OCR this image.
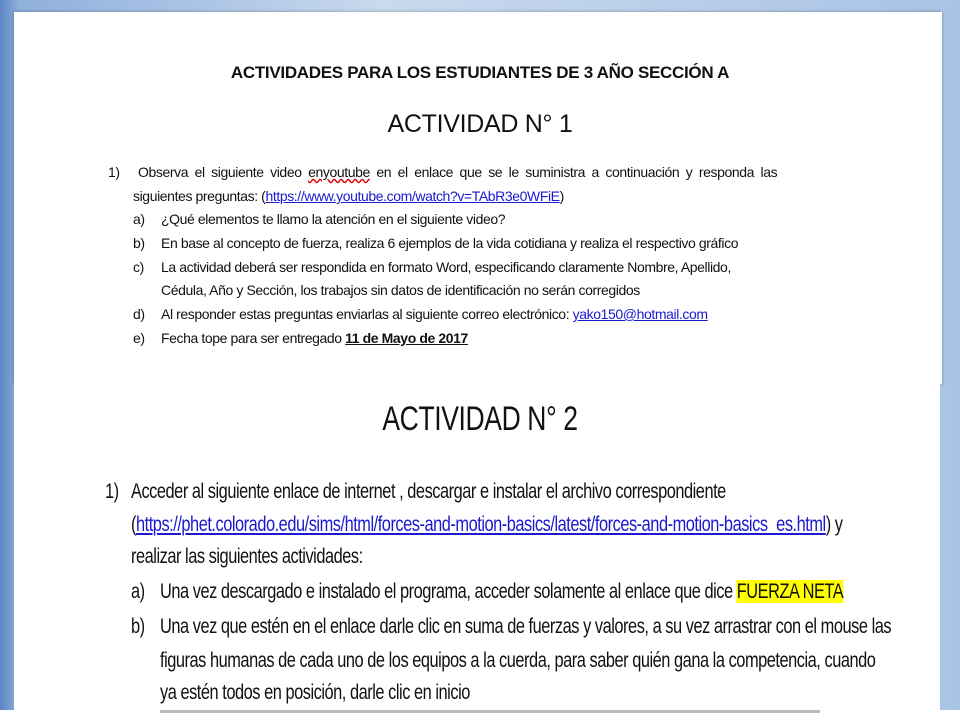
ACTIVIDADES PARA LOS ESTUDIANTES DE 3 AÑO SECCIÓN A
ACTIVIDAD N° 1
1) Observa el siguiente video enyoutube en el enlace que se le suministra a continuación y responda las
siguientes preguntas: (https://www.youtube.com/watch?v=TAbR3e0WFiE)
a) ¿Qué elementos te llamo la atención en el siguiente video?
b) En base al concepto de fuerza, realiza 6 ejemplos de la vida cotidiana y realiza el respectivo gráfico
c) La actividad deberá ser respondida en formato Word, especificando claramente Nombre, Apellido,
Cédula, Año y Sección, los trabajos sin datos de identificación no serán corregidos
d) Al responder estas preguntas enviarlas al siguiente correo electrónico: yako150@hotmail.com
e) Fecha tope para ser entregado 11 de Mayo de 2017
ACTIVIDAD N° 2
1) Acceder al siguiente enlace de internet , descargar e instalar el archivo correspondiente
(https://phet.colorado.edu/sims/html/forces-and-motion-basics/latest/forces-and-motion-basics_es.html) y
realizar las siguientes actividades:
a) Una vez descargado e instalado el programa, acceder solamente al enlace que dice FUERZA NETA
b) Una vez que estén en el enlace darle clic en suma de fuerzas y valores, a su vez arrastrar con el mouse las
figuras humanas de cada uno de los equipos a la cuerda, para saber quién gana la competencia, cuando
ya estén todos en posición, darle clic en inicio
